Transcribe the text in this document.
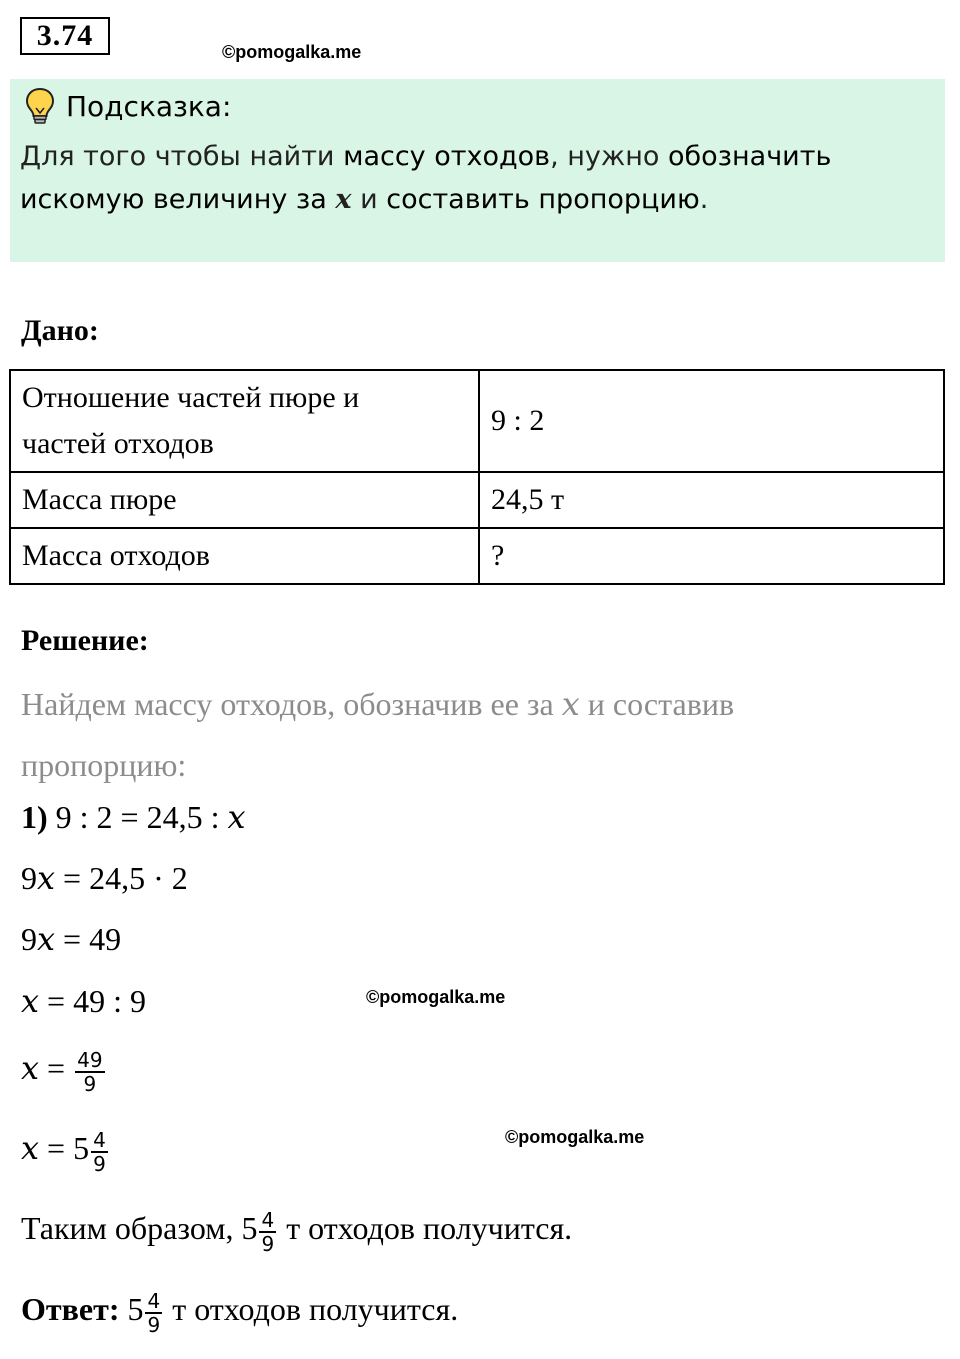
3.74	©pomogalka.me
Подсказка:
Для того чтобы найти массу отходов, нужно обозначить
искомую величину за x и составить пропорцию.
Дано:
Отношение частей пюре и
частей отходов	9 : 2
Масса пюре	24,5 т
Масса отходов	?
Решение:
Найдем массу отходов, обозначив ее за x и составив
пропорцию:
1) 9 : 2 = 24,5 : x
9x = 24,5 · 2
9x = 49
x = 49 : 9	©pomogalka.me
$x = \frac{49}{9}$
$x = 5 \frac{4}{9}$	©pomogalka.me
Таким образом, $5 \frac{4}{9}$ т отходов получится.
Ответ: $5 \frac{4}{9}$ т отходов получится.
